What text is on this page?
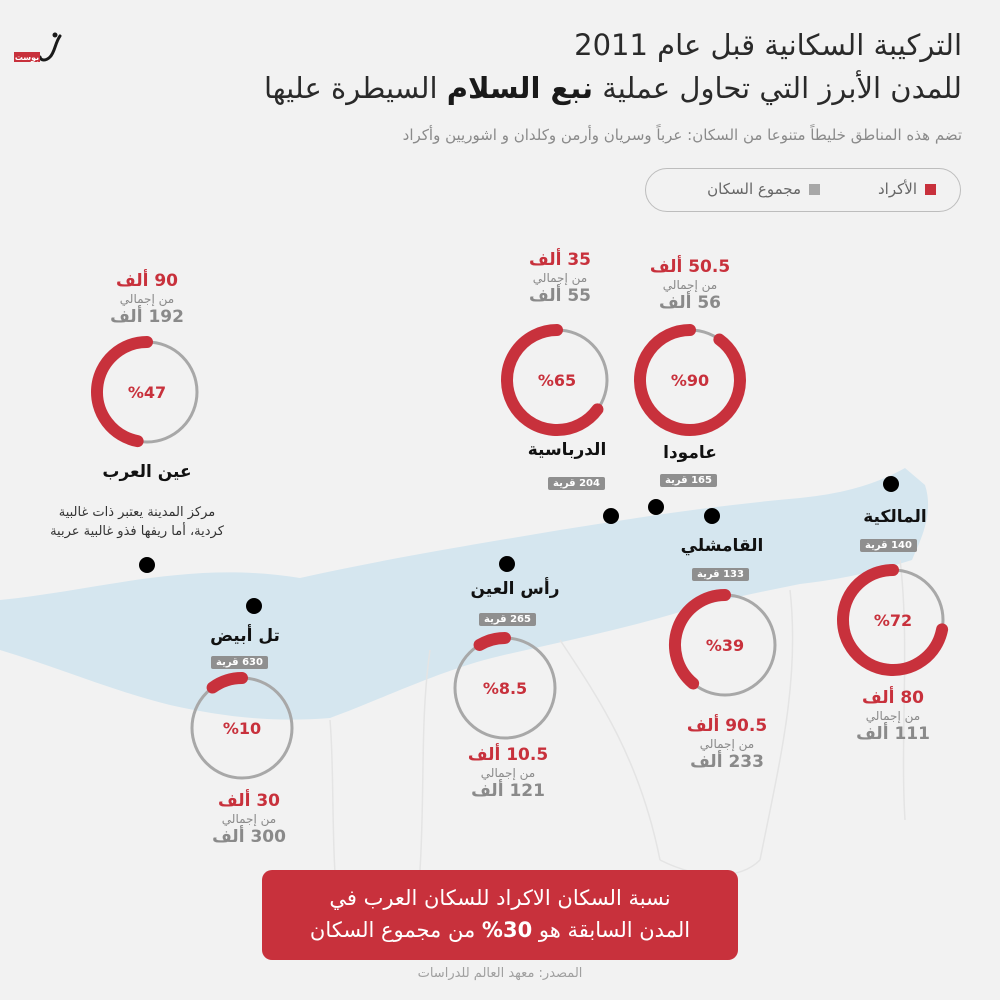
بوست	التركيبة السكانية قبل عام 2011
للمدن الأبرز التي تحاول عملية نبع السلام السيطرة عليها
تضم هذه المناطق خليطاً متنوعا من السكان: عرباً وسريان وأرمن وكلدان و اشوريين وأكراد
الأكراد
مجموع السكان
%47
%10
%8.5
%65	%90
%39
%72
90 ألف
من إجمالي
192 ألف
عين العرب
مركز المدينة يعتبر ذات غالبية
كردية، أما ريفها فذو غالبية عربية
تل أبيض
630 قرية
30 ألف
من إجمالي
300 ألف
رأس العين
265 قرية
10.5 ألف
من إجمالي
121 ألف
35 ألف
من إجمالي
55 ألف
الدرباسية
204 قرية
50.5 ألف
من إجمالي
56 ألف
عامودا
165 قرية
القامشلي
133 قرية
90.5 ألف
من إجمالي
233 ألف
المالكية
140 قرية
80 ألف
من إجمالي
111 ألف
نسبة السكان الاكراد للسكان العرب في
المدن السابقة هو 30% من مجموع السكان
المصدر: معهد العالم للدراسات
